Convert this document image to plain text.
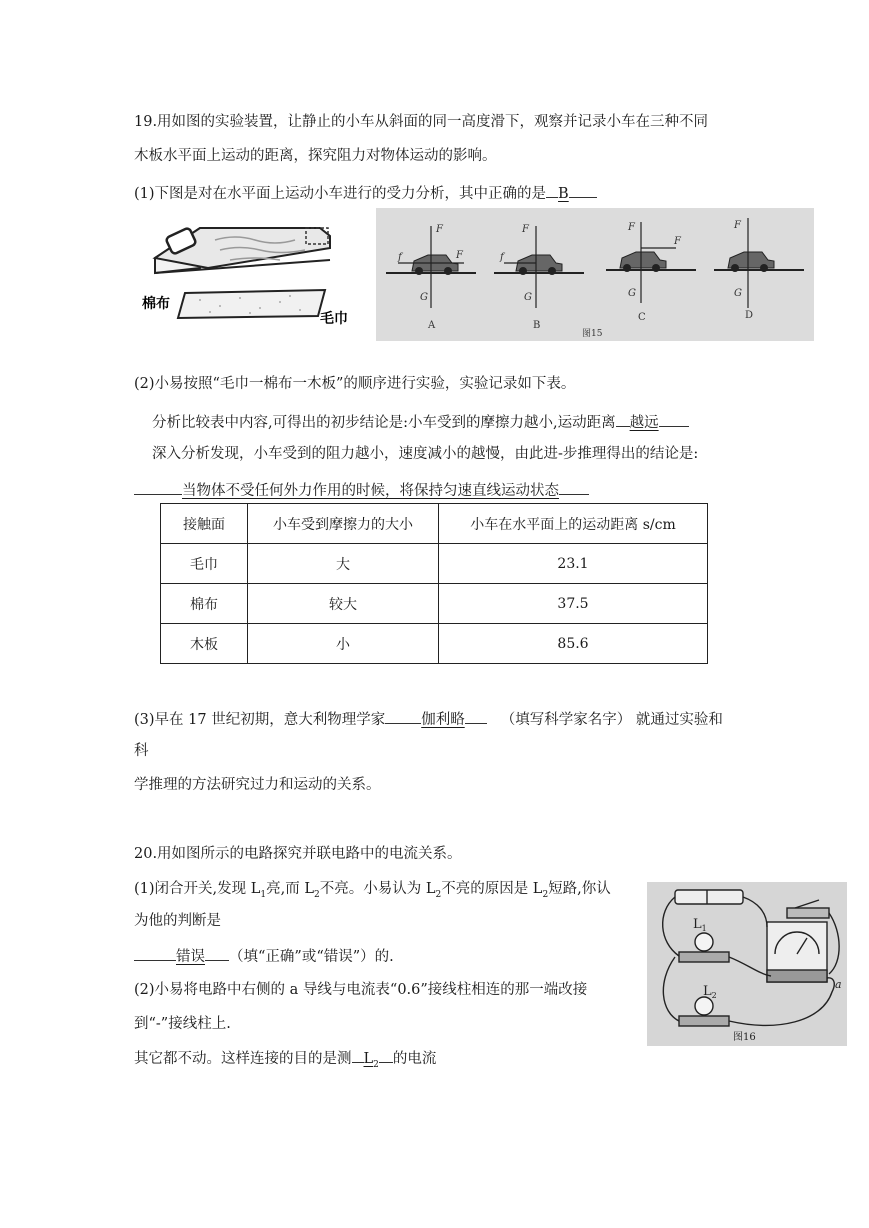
19.用如图的实验装置，让静止的小车从斜面的同一高度滑下，观察并记录小车在三种不同
木板水平面上运动的距离，探究阻力对物体运动的影响。
(1)下图是对在水平面上运动小车进行的受力分析，其中正确的是 B
棉布
毛巾
F
G
f	F
A
F
G
f
B
F
G
F
C
F
G
D
图15
(2)小易按照“毛巾一棉布一木板”的顺序进行实验，实验记录如下表。
分析比较表中内容,可得出的初步结论是:小车受到的摩擦力越小,运动距离 越远
深入分析发现，小车受到的阻力越小，速度减小的越慢，由此进-步推理得出的结论是:
当物体不受任何外力作用的时候，将保持匀速直线运动状态
接触面	小车受到摩擦力的大小	小车在水平面上的运动距离 s/cm
毛巾	大	23.1
棉布	较大	37.5
木板	小	85.6
(3)早在 17 世纪初期，意大利物理学家 伽利略 （填写科学家名字） 就通过实验和
科
学推理的方法研究过力和运动的关系。
20.用如图所示的电路探究并联电路中的电流关系。
(1)闭合开关,发现 $L_1$亮,而 $L_2$不亮。小易认为 $L_2$不亮的原因是 $L_2$短路,你认
为他的判断是
错误 （填“正确”或“错误”）的.
(2)小易将电路中右侧的 a 导线与电流表“0.6”接线柱相连的那一端改接
到“-”接线柱上.
其它都不动。这样连接的目的是测 $L_2$ 的电流
$L_1$
$L_2$
a
图16
